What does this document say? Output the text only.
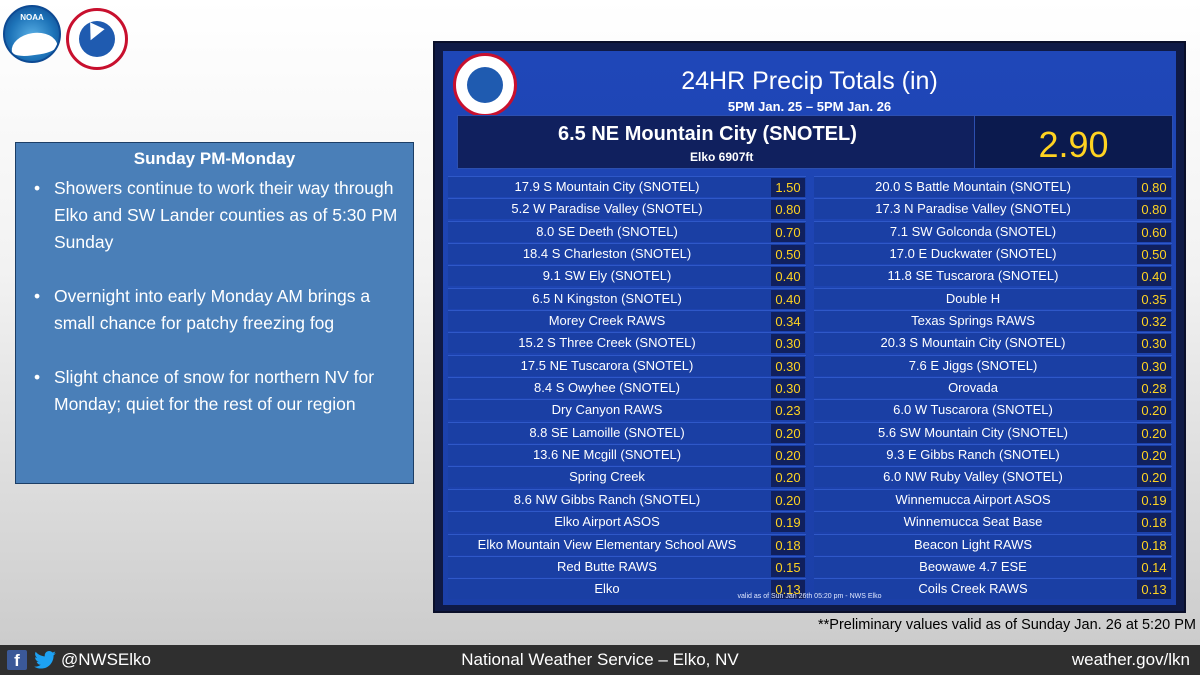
NOAA
Sunday PM-Monday
• Showers continue to work their way through Elko and SW Lander counties as of 5:30 PM Sunday
• Overnight into early Monday AM brings a small chance for patchy freezing fog
• Slight chance of snow for northern NV for Monday; quiet for the rest of our region
24HR Precip Totals (in)
5PM Jan. 25 – 5PM Jan. 26
6.5 NE Mountain City (SNOTEL)
Elko 6907ft	2.90
17.9 S Mountain City (SNOTEL)	1.50
5.2 W Paradise Valley (SNOTEL)	0.80
8.0 SE Deeth (SNOTEL)	0.70
18.4 S Charleston (SNOTEL)	0.50
9.1 SW Ely (SNOTEL)	0.40
6.5 N Kingston (SNOTEL)	0.40
Morey Creek RAWS	0.34
15.2 S Three Creek (SNOTEL)	0.30
17.5 NE Tuscarora (SNOTEL)	0.30
8.4 S Owyhee (SNOTEL)	0.30
Dry Canyon RAWS	0.23
8.8 SE Lamoille (SNOTEL)	0.20
13.6 NE Mcgill (SNOTEL)	0.20
Spring Creek	0.20
8.6 NW Gibbs Ranch (SNOTEL)	0.20
Elko Airport ASOS	0.19
Elko Mountain View Elementary School AWS	0.18
Red Butte RAWS	0.15
Elko	0.13
20.0 S Battle Mountain (SNOTEL)	0.80
17.3 N Paradise Valley (SNOTEL)	0.80
7.1 SW Golconda (SNOTEL)	0.60
17.0 E Duckwater (SNOTEL)	0.50
11.8 SE Tuscarora (SNOTEL)	0.40
Double H	0.35
Texas Springs RAWS	0.32
20.3 S Mountain City (SNOTEL)	0.30
7.6 E Jiggs (SNOTEL)	0.30
Orovada	0.28
6.0 W Tuscarora (SNOTEL)	0.20
5.6 SW Mountain City (SNOTEL)	0.20
9.3 E Gibbs Ranch (SNOTEL)	0.20
6.0 NW Ruby Valley (SNOTEL)	0.20
Winnemucca Airport ASOS	0.19
Winnemucca Seat Base	0.18
Beacon Light RAWS	0.18
Beowawe 4.7 ESE	0.14
Coils Creek RAWS	0.13
valid as of Sun Jan 26th 05:20 pm - NWS Elko
**Preliminary values valid as of Sunday Jan. 26 at 5:20 PM
f	@NWSElko	National Weather Service – Elko, NV	weather.gov/lkn
